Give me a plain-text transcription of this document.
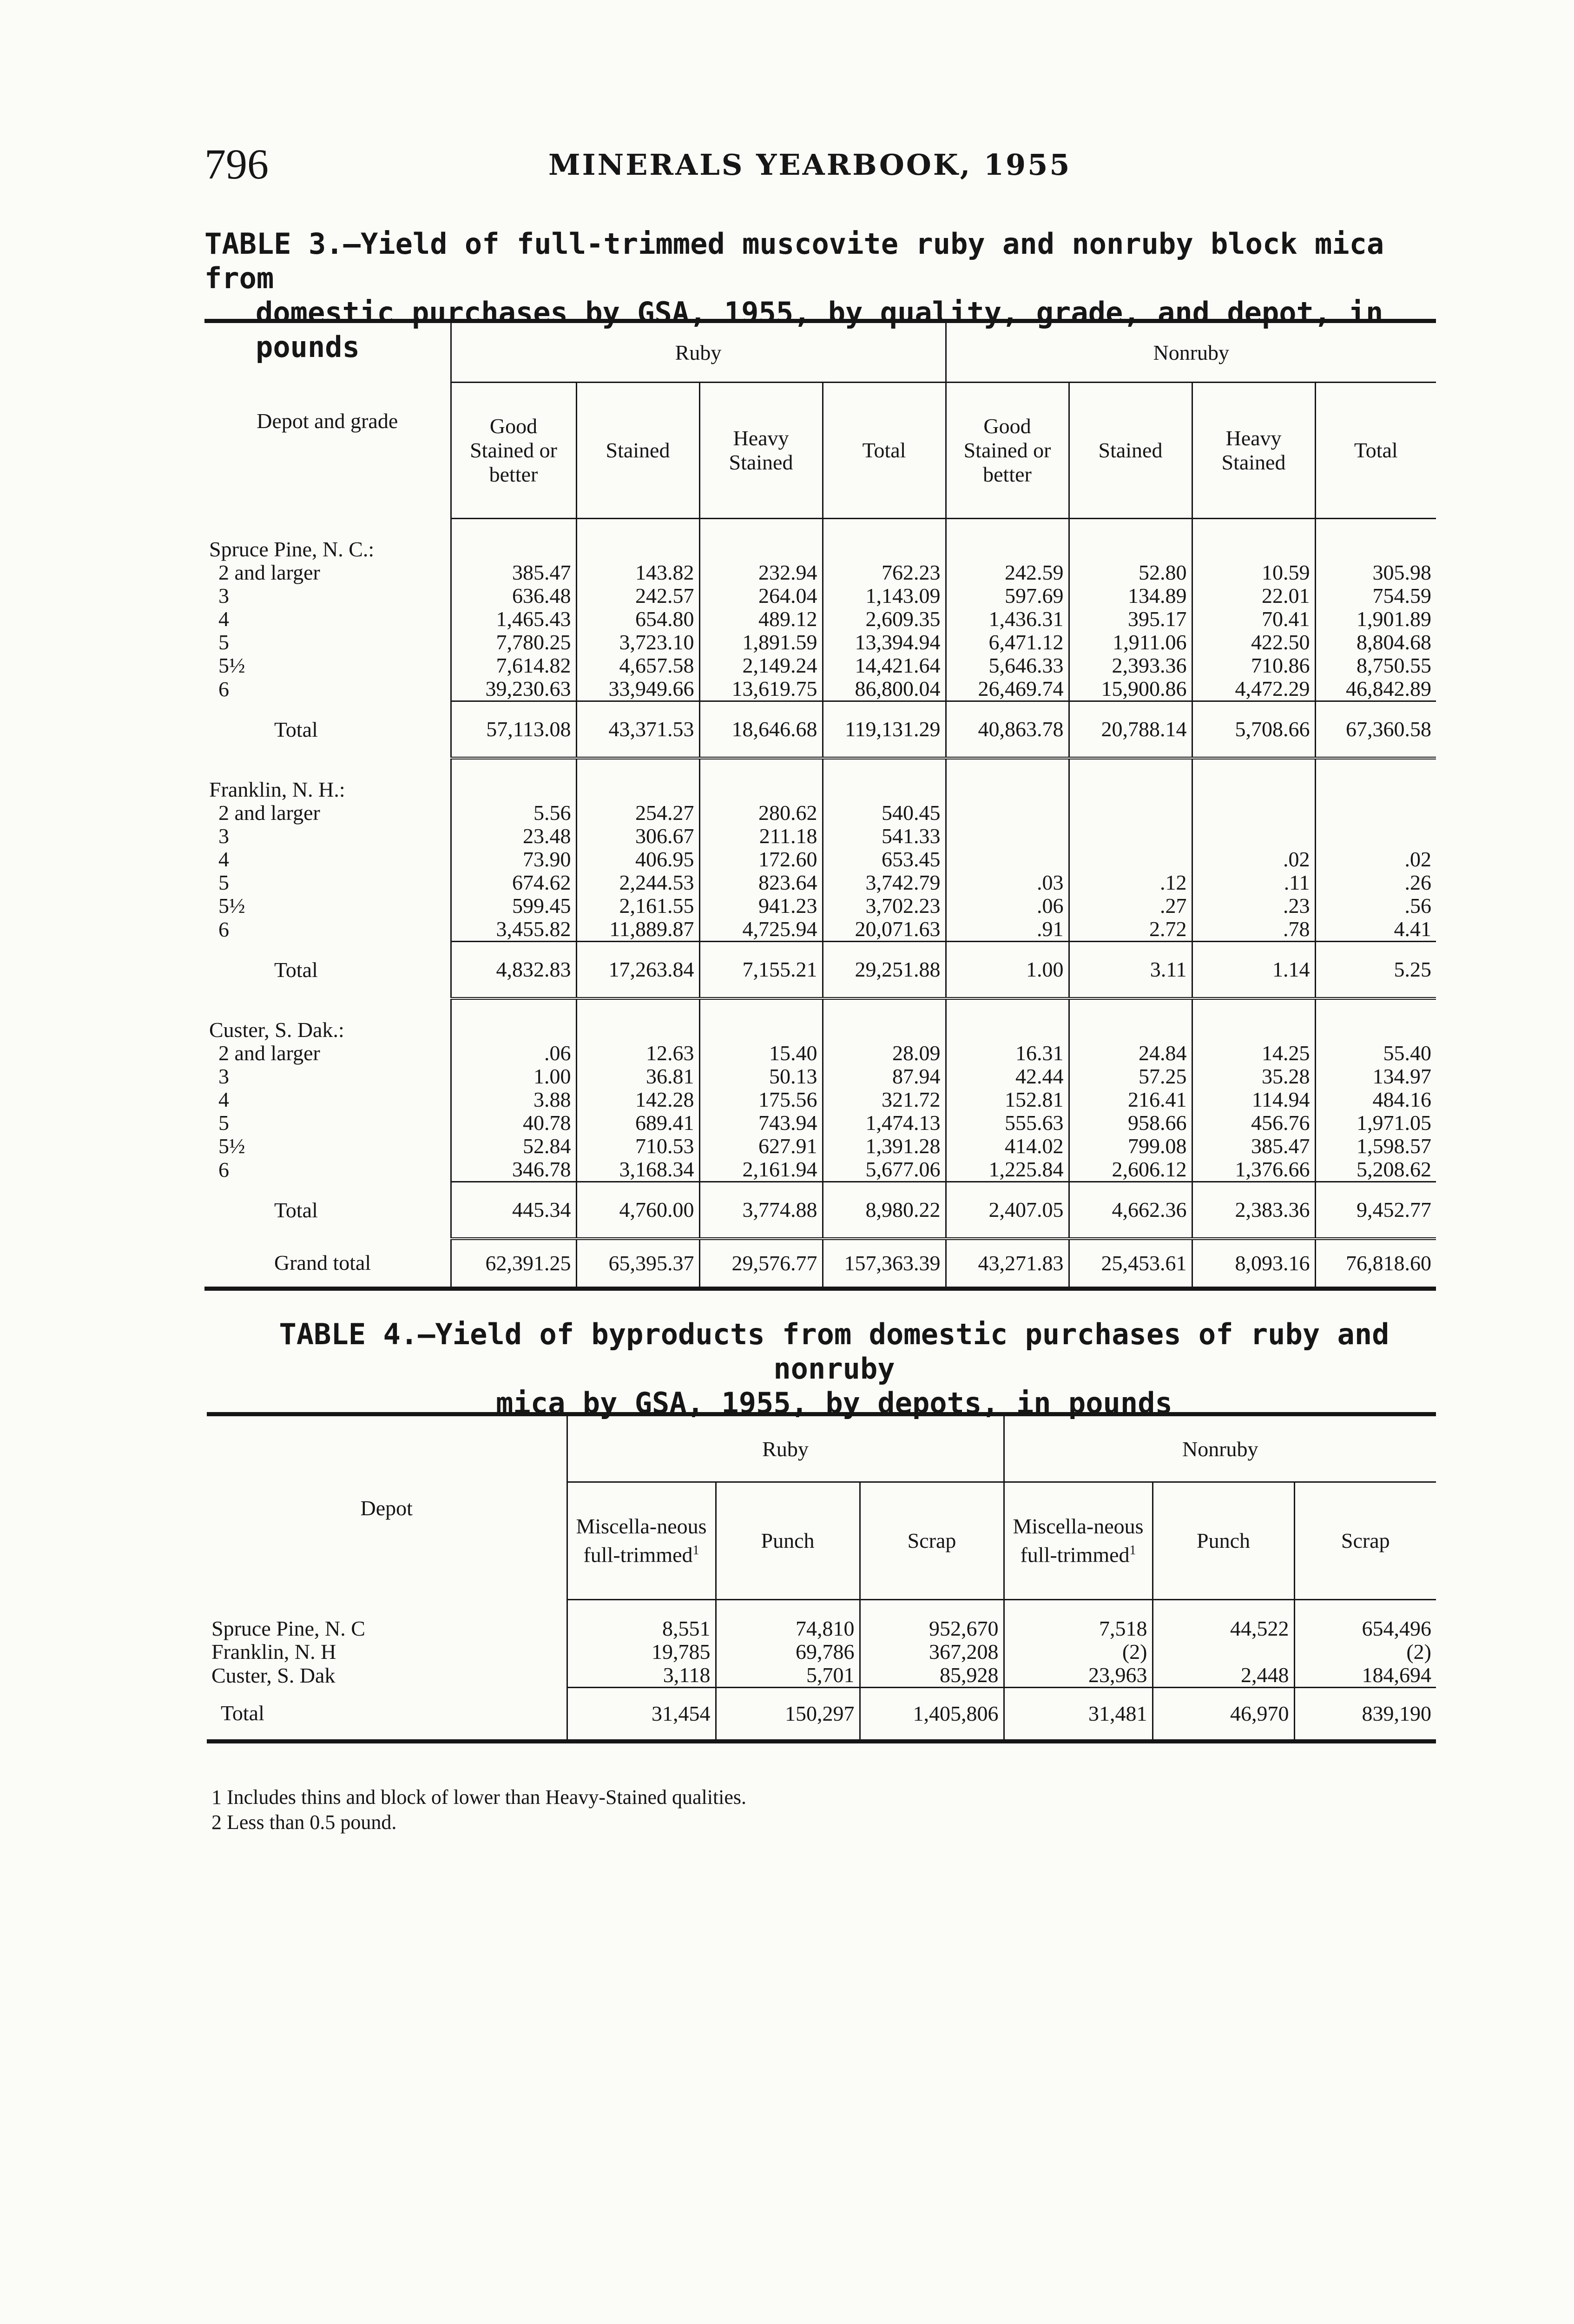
796	MINERALS YEARBOOK, 1955
TABLE 3.—Yield of full-trimmed muscovite ruby and nonruby block mica from
domestic purchases by GSA, 1955, by quality, grade, and depot, in pounds
Depot and grade	Ruby				Nonruby			
	Good Stained or better	Stained	Heavy Stained	Total	Good Stained or better	Stained	Heavy Stained	Total

Spruce Pine, N. C.:								
2 and larger	385.47	143.82	232.94	762.23	242.59	52.80	10.59	305.98
3	636.48	242.57	264.04	1,143.09	597.69	134.89	22.01	754.59
4	1,465.43	654.80	489.12	2,609.35	1,436.31	395.17	70.41	1,901.89
5	7,780.25	3,723.10	1,891.59	13,394.94	6,471.12	1,911.06	422.50	8,804.68
5½	7,614.82	4,657.58	2,149.24	14,421.64	5,646.33	2,393.36	710.86	8,750.55
6	39,230.63	33,949.66	13,619.75	86,800.04	26,469.74	15,900.86	4,472.29	46,842.89
Total	57,113.08	43,371.53	18,646.68	119,131.29	40,863.78	20,788.14	5,708.66	67,360.58

Franklin, N. H.:								
2 and larger	5.56	254.27	280.62	540.45				
3	23.48	306.67	211.18	541.33				
4	73.90	406.95	172.60	653.45			.02	.02
5	674.62	2,244.53	823.64	3,742.79	.03	.12	.11	.26
5½	599.45	2,161.55	941.23	3,702.23	.06	.27	.23	.56
6	3,455.82	11,889.87	4,725.94	20,071.63	.91	2.72	.78	4.41
Total	4,832.83	17,263.84	7,155.21	29,251.88	1.00	3.11	1.14	5.25

Custer, S. Dak.:								
2 and larger	.06	12.63	15.40	28.09	16.31	24.84	14.25	55.40
3	1.00	36.81	50.13	87.94	42.44	57.25	35.28	134.97
4	3.88	142.28	175.56	321.72	152.81	216.41	114.94	484.16
5	40.78	689.41	743.94	1,474.13	555.63	958.66	456.76	1,971.05
5½	52.84	710.53	627.91	1,391.28	414.02	799.08	385.47	1,598.57
6	346.78	3,168.34	2,161.94	5,677.06	1,225.84	2,606.12	1,376.66	5,208.62
Total	445.34	4,760.00	3,774.88	8,980.22	2,407.05	4,662.36	2,383.36	9,452.77
Grand total	62,391.25	65,395.37	29,576.77	157,363.39	43,271.83	25,453.61	8,093.16	76,818.60
TABLE 4.—Yield of byproducts from domestic purchases of ruby and nonruby
mica by GSA, 1955, by depots, in pounds
Depot	Ruby			Nonruby		
	Miscella-neous full-trimmed$^1$	Punch	Scrap	Miscella-neous full-trimmed$^1$	Punch	Scrap

Spruce Pine, N. C	8,551	74,810	952,670	7,518	44,522	654,496
Franklin, N. H	19,785	69,786	367,208	(2)		(2)
Custer, S. Dak	3,118	5,701	85,928	23,963	2,448	184,694
Total	31,454	150,297	1,405,806	31,481	46,970	839,190
1 Includes thins and block of lower than Heavy-Stained qualities.
2 Less than 0.5 pound.
